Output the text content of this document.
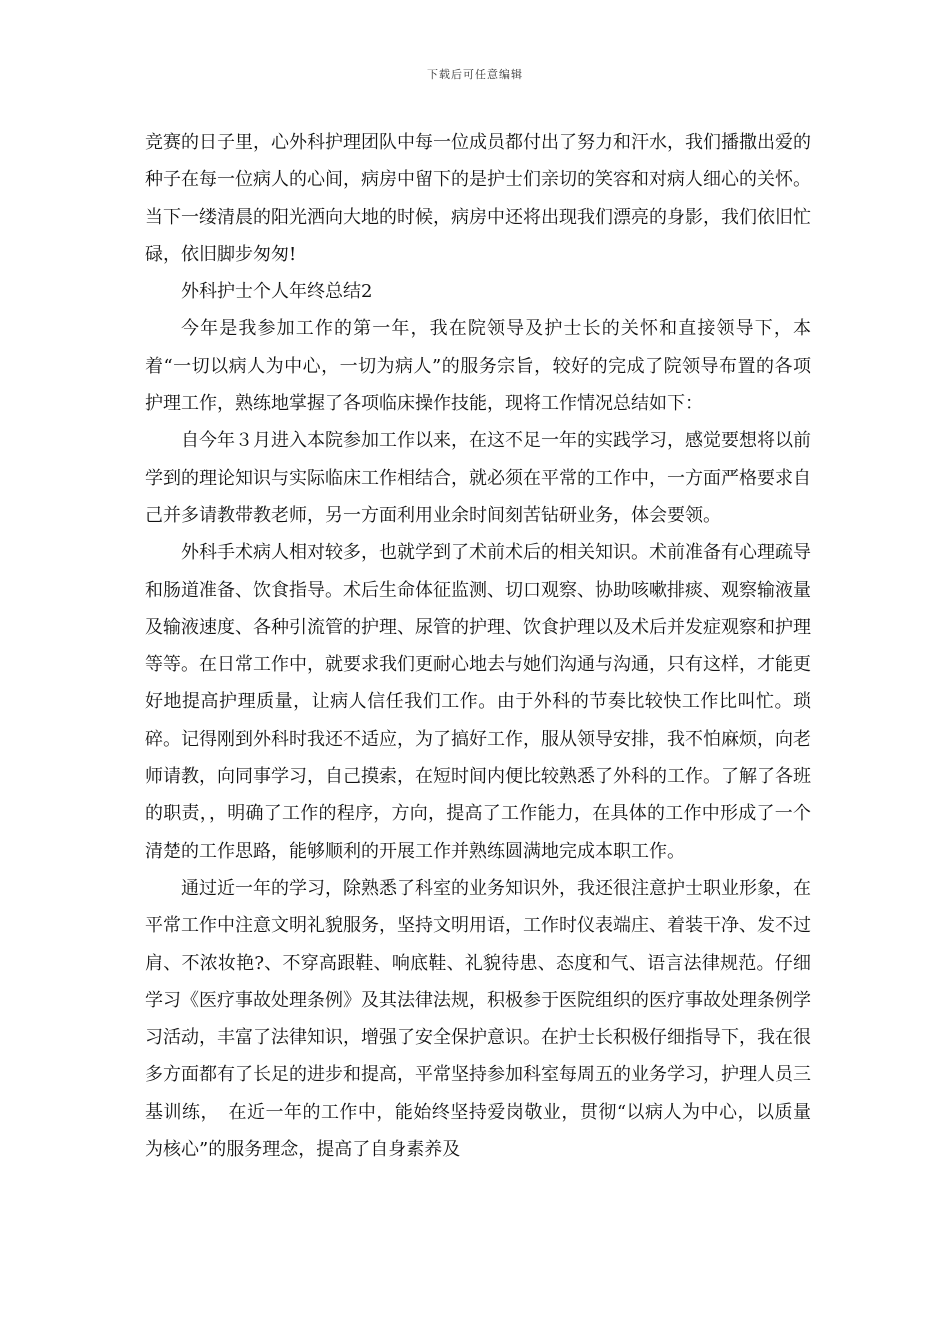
下载后可任意编辑

竞赛的日子里，心外科护理团队中每一位成员都付出了努力和汗水，我们播撒出爱的种子在每一位病人的心间，病房中留下的是护士们亲切的笑容和对病人细心的关怀。当下一缕清晨的阳光洒向大地的时候，病房中还将出现我们漂亮的身影，我们依旧忙碌，依旧脚步匆匆!

外科护士个人年终总结2

今年是我参加工作的第一年，我在院领导及护士长的关怀和直接领导下，本着“一切以病人为中心，一切为病人”的服务宗旨，较好的完成了院领导布置的各项护理工作，熟练地掌握了各项临床操作技能，现将工作情况总结如下：

自今年３月进入本院参加工作以来，在这不足一年的实践学习，感觉要想将以前学到的理论知识与实际临床工作相结合，就必须在平常的工作中，一方面严格要求自己并多请教带教老师，另一方面利用业余时间刻苦钻研业务，体会要领。

外科手术病人相对较多，也就学到了术前术后的相关知识。术前准备有心理疏导和肠道准备、饮食指导。术后生命体征监测、切口观察、协助咳嗽排痰、观察输液量及输液速度、各种引流管的护理、尿管的护理、饮食护理以及术后并发症观察和护理等等。在日常工作中，就要求我们更耐心地去与她们沟通与沟通，只有这样，才能更好地提高护理质量，让病人信任我们工作。由于外科的节奏比较快工作比叫忙。琐碎。记得刚到外科时我还不适应，为了搞好工作，服从领导安排，我不怕麻烦，向老师请教，向同事学习，自己摸索，在短时间内便比较熟悉了外科的工作。了解了各班的职责，，明确了工作的程序，方向，提高了工作能力，在具体的工作中形成了一个清楚的工作思路，能够顺利的开展工作并熟练圆满地完成本职工作。

通过近一年的学习，除熟悉了科室的业务知识外，我还很注意护士职业形象，在平常工作中注意文明礼貌服务，坚持文明用语，工作时仪表端庄、着装干净、发不过肩、不浓妆艳?、不穿高跟鞋、响底鞋、礼貌待患、态度和气、语言法律规范。仔细学习《医疗事故处理条例》及其法律法规，积极参于医院组织的医疗事故处理条例学习活动，丰富了法律知识，增强了安全保护意识。在护士长积极仔细指导下，我在很多方面都有了长足的进步和提高，平常坚持参加科室每周五的业务学习，护理人员三基训练，　在近一年的工作中，能始终坚持爱岗敬业，贯彻“以病人为中心，以质量为核心”的服务理念，提高了自身素养及
